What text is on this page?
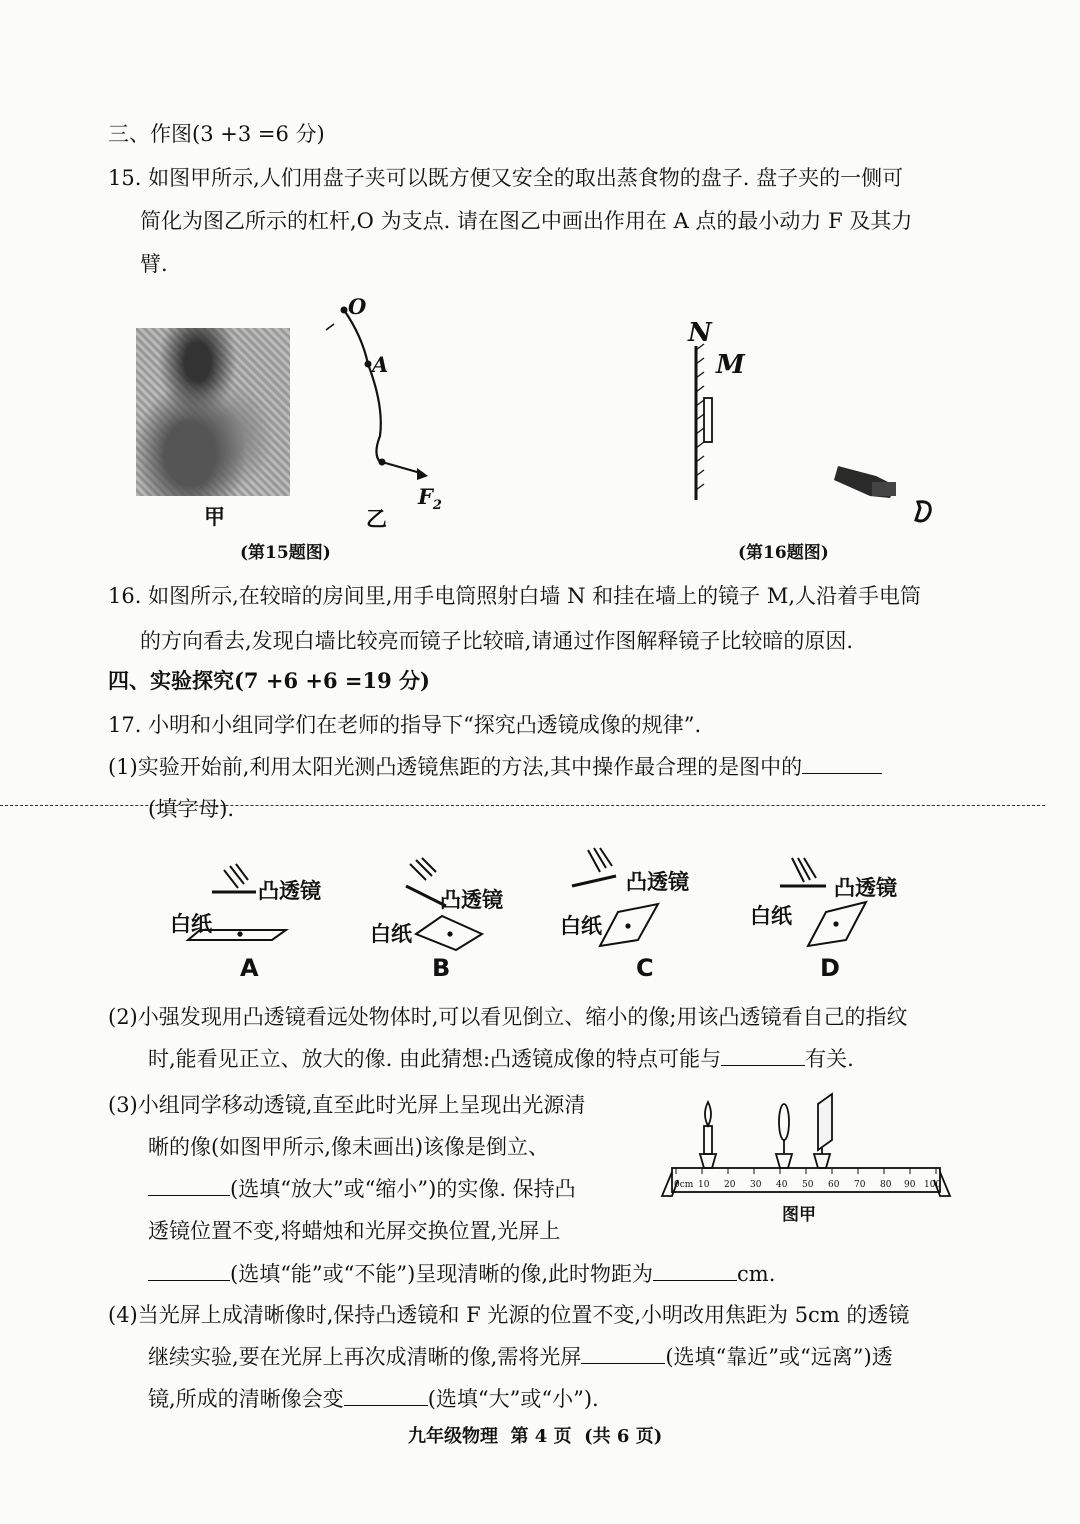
三、作图(3 +3 =6 分)
15. 如图甲所示,人们用盘子夹可以既方便又安全的取出蒸食物的盘子. 盘子夹的一侧可
简化为图乙所示的杠杆,O 为支点. 请在图乙中画出作用在 A 点的最小动力 F 及其力
臂.
甲
O
A
$F_2$
乙
(第15题图)
N
M
(第16题图)
16. 如图所示,在较暗的房间里,用手电筒照射白墙 N 和挂在墙上的镜子 M,人沿着手电筒
的方向看去,发现白墙比较亮而镜子比较暗,请通过作图解释镜子比较暗的原因.
四、实验探究(7 +6 +6 =19 分)
17. 小明和小组同学们在老师的指导下“探究凸透镜成像的规律”.
(1)实验开始前,利用太阳光测凸透镜焦距的方法,其中操作最合理的是图中的
(填字母).
凸透镜
白纸
凸透镜
白纸
凸透镜
白纸
凸透镜
白纸
A	B	C	D
(2)小强发现用凸透镜看远处物体时,可以看见倒立、缩小的像;用该凸透镜看自己的指纹
时,能看见正立、放大的像. 由此猜想:凸透镜成像的特点可能与	有关.
(3)小组同学移动透镜,直至此时光屏上呈现出光源清
晰的像(如图甲所示,像未画出)该像是倒立、
(选填“放大”或“缩小”)的实像. 保持凸
透镜位置不变,将蜡烛和光屏交换位置,光屏上
(选填“能”或“不能”)呈现清晰的像,此时物距为	cm.
0cm 10 20 30 40 50 60 70 80 90 100
图甲
(4)当光屏上成清晰像时,保持凸透镜和 F 光源的位置不变,小明改用焦距为 5cm 的透镜
继续实验,要在光屏上再次成清晰的像,需将光屏	(选填“靠近”或“远离”)透
镜,所成的清晰像会变	(选填“大”或“小”).
九年级物理  第 4 页  (共 6 页)
